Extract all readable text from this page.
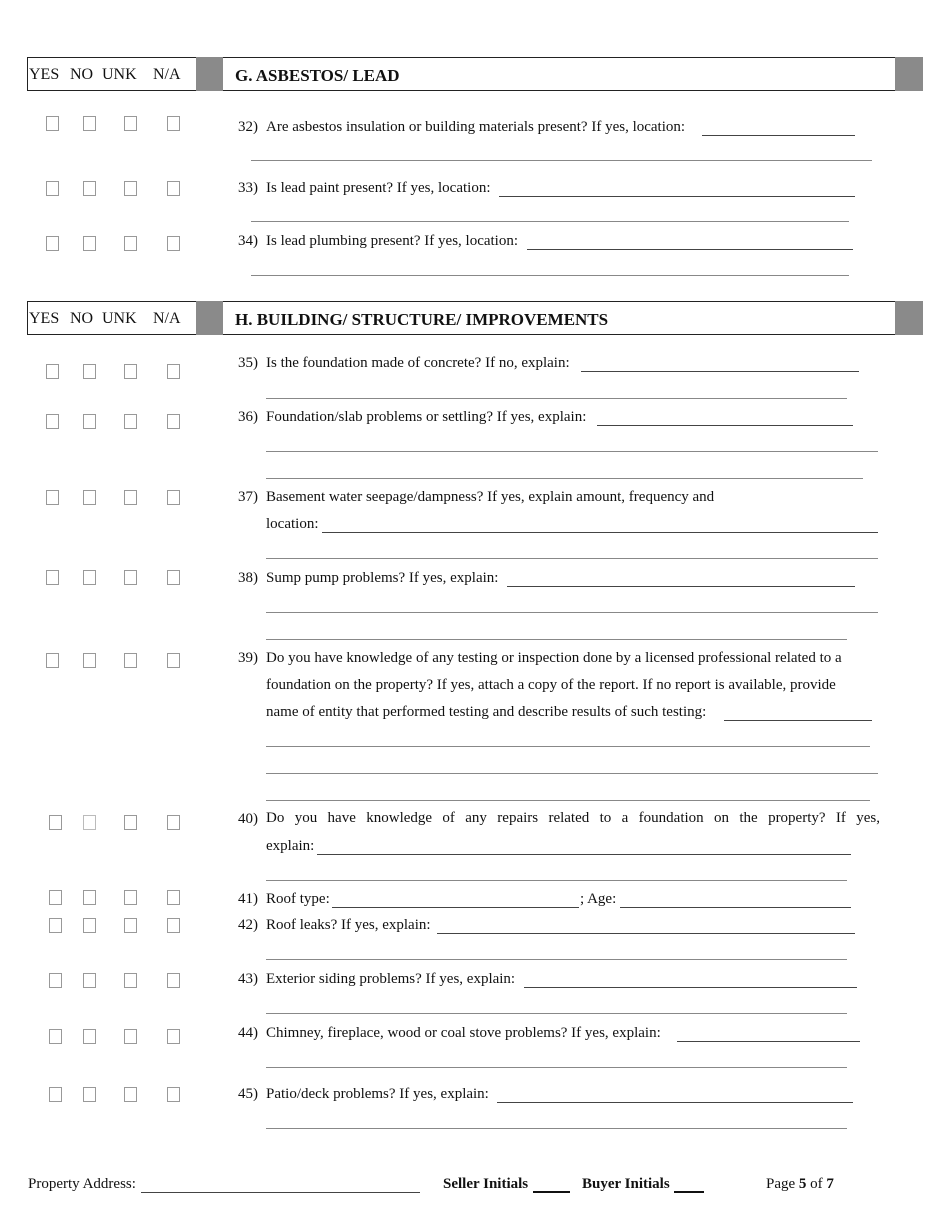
YES NO UNK N/A	G. ASBESTOS/ LEAD
32) Are asbestos insulation or building materials present? If yes, location:
33) Is lead paint present? If yes, location:
34) Is lead plumbing present? If yes, location:
YES NO UNK N/A	H. BUILDING/ STRUCTURE/ IMPROVEMENTS
35) Is the foundation made of concrete? If no, explain:
36) Foundation/slab problems or settling? If yes, explain:
37) Basement water seepage/dampness? If yes, explain amount, frequency and
location:
38) Sump pump problems? If yes, explain:
39) Do you have knowledge of any testing or inspection done by a licensed professional related to a
foundation on the property? If yes, attach a copy of the report. If no report is available, provide
name of entity that performed testing and describe results of such testing:
40) Do you have knowledge of any repairs related to a foundation on the property? If yes,
explain:
41) Roof type:	; Age:
42) Roof leaks? If yes, explain:
43) Exterior siding problems? If yes, explain:
44) Chimney, fireplace, wood or coal stove problems? If yes, explain:
45) Patio/deck problems? If yes, explain:
Property Address:	Seller Initials	Buyer Initials	Page 5 of 7
